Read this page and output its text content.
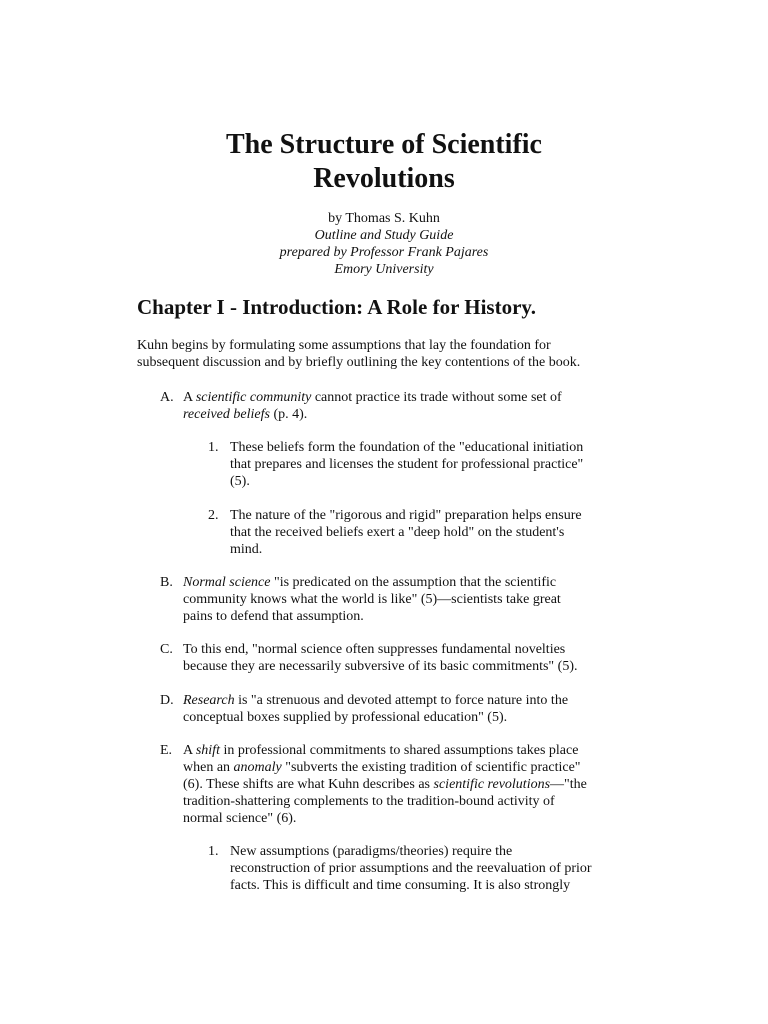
The Structure of Scientific
Revolutions
by Thomas S. Kuhn
Outline and Study Guide
prepared by Professor Frank Pajares
Emory University
Chapter I - Introduction: A Role for History.
Kuhn begins by formulating some assumptions that lay the foundation for
subsequent discussion and by briefly outlining the key contentions of the book.
A. A scientific community cannot practice its trade without some set of
received beliefs (p. 4).
1. These beliefs form the foundation of the "educational initiation
that prepares and licenses the student for professional practice"
(5).
2. The nature of the "rigorous and rigid" preparation helps ensure
that the received beliefs exert a "deep hold" on the student's
mind.
B. Normal science "is predicated on the assumption that the scientific
community knows what the world is like" (5)—scientists take great
pains to defend that assumption.
C. To this end, "normal science often suppresses fundamental novelties
because they are necessarily subversive of its basic commitments" (5).
D. Research is "a strenuous and devoted attempt to force nature into the
conceptual boxes supplied by professional education" (5).
E. A shift in professional commitments to shared assumptions takes place
when an anomaly "subverts the existing tradition of scientific practice"
(6). These shifts are what Kuhn describes as scientific revolutions—"the
tradition-shattering complements to the tradition-bound activity of
normal science" (6).
1. New assumptions (paradigms/theories) require the
reconstruction of prior assumptions and the reevaluation of prior
facts. This is difficult and time consuming. It is also strongly
